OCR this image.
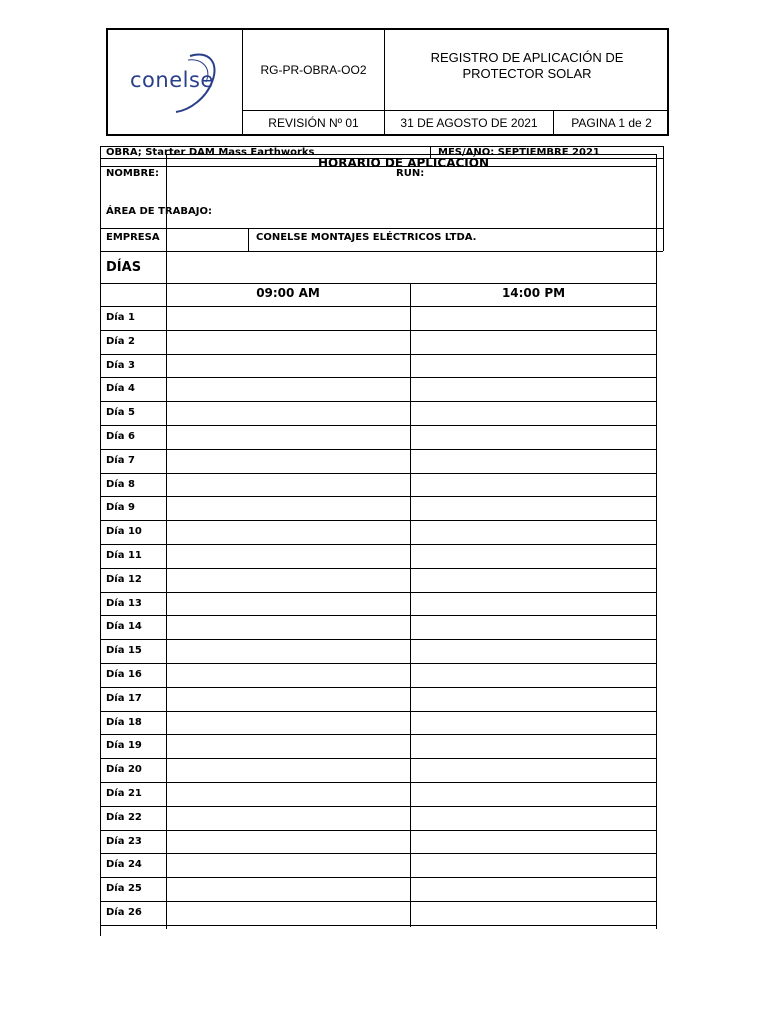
conelse	RG-PR-OBRA-OO2
REGISTRO DE APLICACIÓN DE
PROTECTOR SOLAR
REVISIÓN Nº 01	31 DE AGOSTO DE 2021	PAGINA 1 de 2
OBRA; Starter DAM Mass Earthworks	MES/AÑO: SEPTIEMBRE 2021
HORARIO DE APLICACIÓN
NOMBRE:	RUN:
ÁREA DE TRABAJO:
EMPRESA	CONELSE MONTAJES ELÉCTRICOS LTDA.
DÍAS
09:00 AM	14:00 PM
Día 1
Día 2
Día 3
Día 4
Día 5
Día 6
Día 7
Día 8
Día 9
Día 10
Día 11
Día 12
Día 13
Día 14
Día 15
Día 16
Día 17
Día 18
Día 19
Día 20
Día 21
Día 22
Día 23
Día 24
Día 25
Día 26
